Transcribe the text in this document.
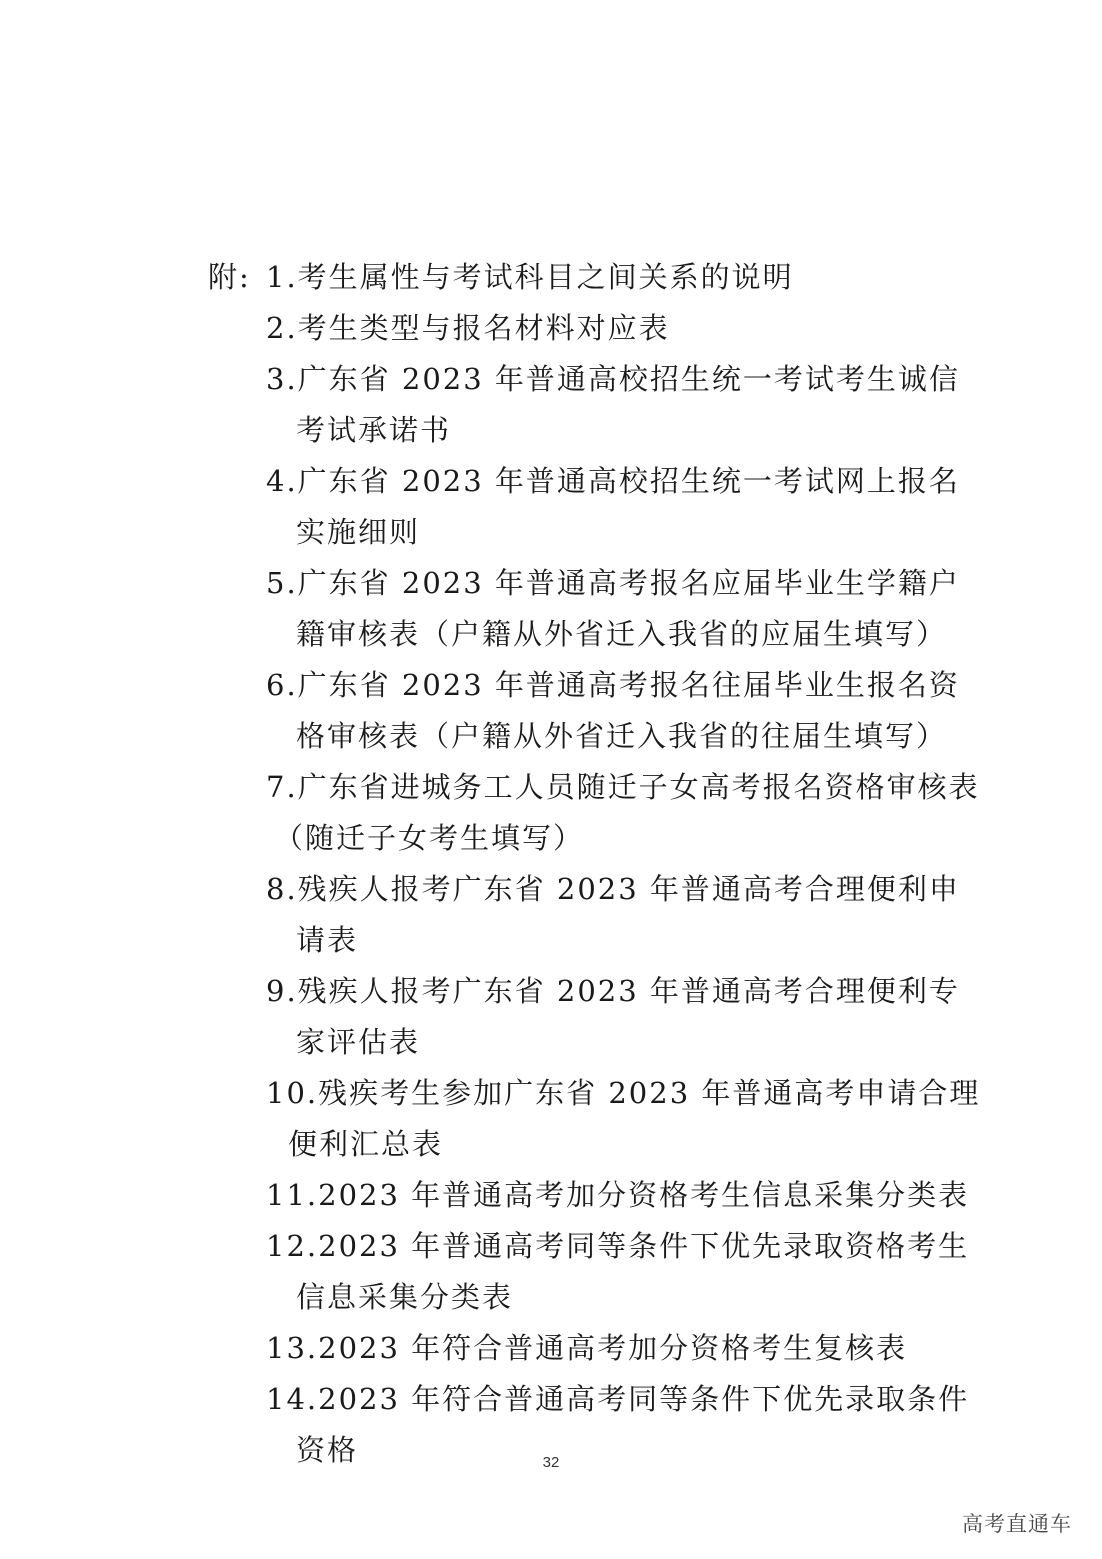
附: 1.考生属性与考试科目之间关系的说明
2.考生类型与报名材料对应表
3.广东省 2023 年普通高校招生统一考试考生诚信考试承诺书
4.广东省 2023 年普通高校招生统一考试网上报名实施细则
5.广东省 2023 年普通高考报名应届毕业生学籍户籍审核表（户籍从外省迁入我省的应届生填写）
6.广东省 2023 年普通高考报名往届毕业生报名资格审核表（户籍从外省迁入我省的往届生填写）
7.广东省进城务工人员随迁子女高考报名资格审核表（随迁子女考生填写）
8.残疾人报考广东省 2023 年普通高考合理便利申请表
9.残疾人报考广东省 2023 年普通高考合理便利专家评估表
10.残疾考生参加广东省 2023 年普通高考申请合理便利汇总表
11.2023 年普通高考加分资格考生信息采集分类表
12.2023 年普通高考同等条件下优先录取资格考生信息采集分类表
13.2023 年符合普通高考加分资格考生复核表
14.2023 年符合普通高考同等条件下优先录取条件资格	32
高考直通车
